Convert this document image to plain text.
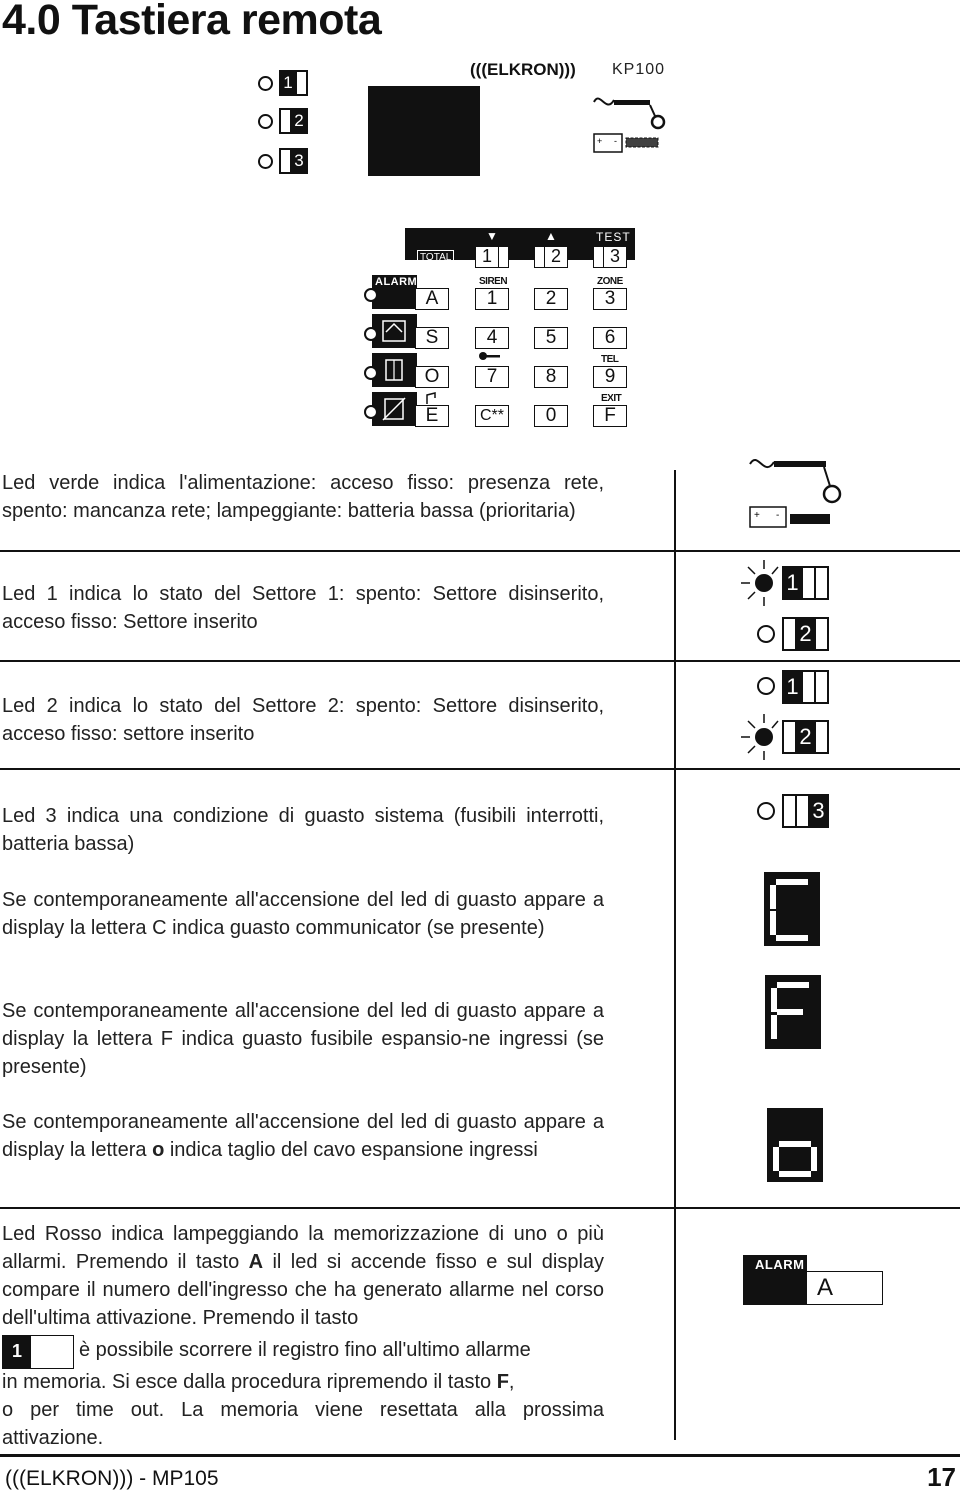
4.0 Tastiera remota
1
2
3
(((ELKRON))) KP100
+ -
TOTAL
▼	▲	TEST
1	2	3
ALARM	SIREN	ZONE
TEL
EXIT
A	1	2	3
S	4	5	6
O	7	8	9
E	C**	0	F

Led verde indica l'alimentazione: acceso fisso: presenza rete, spento: mancanza rete; lampeggiante: batteria bassa (prioritaria)	+ -

Led 1 indica lo stato del Settore 1: spento: Settore disinserito, acceso fisso: Settore inserito

1
2

Led 2 indica lo stato del Settore 2: spento: Settore disinserito, acceso fisso: settore inserito

1
2

Led 3 indica una condizione di guasto sistema (fusibili interrotti, batteria bassa)

3

Se contemporaneamente all'accensione del led di guasto appare a display la lettera C indica guasto communicator (se presente)

Se contemporaneamente all'accensione del led di guasto appare a display la lettera F indica guasto fusibile espansio-ne ingressi (se presente)

Se contemporaneamente all'accensione del led di guasto appare a display la lettera o indica taglio del cavo espansione ingressi

Led Rosso indica lampeggiando la memorizzazione di uno o più allarmi. Premendo il tasto A il led si accende fisso e sul display compare il numero dell'ingresso che ha generato allarme nel corso dell'ultima attivazione. Premendo il tasto

1	è possibile scorrere il registro fino all'ultimo allarme

in memoria. Si esce dalla procedura ripremendo il tasto F,
o per time out. La memoria viene resettata alla prossima attivazione.

ALARM
A
(((ELKRON))) - MP105	17
